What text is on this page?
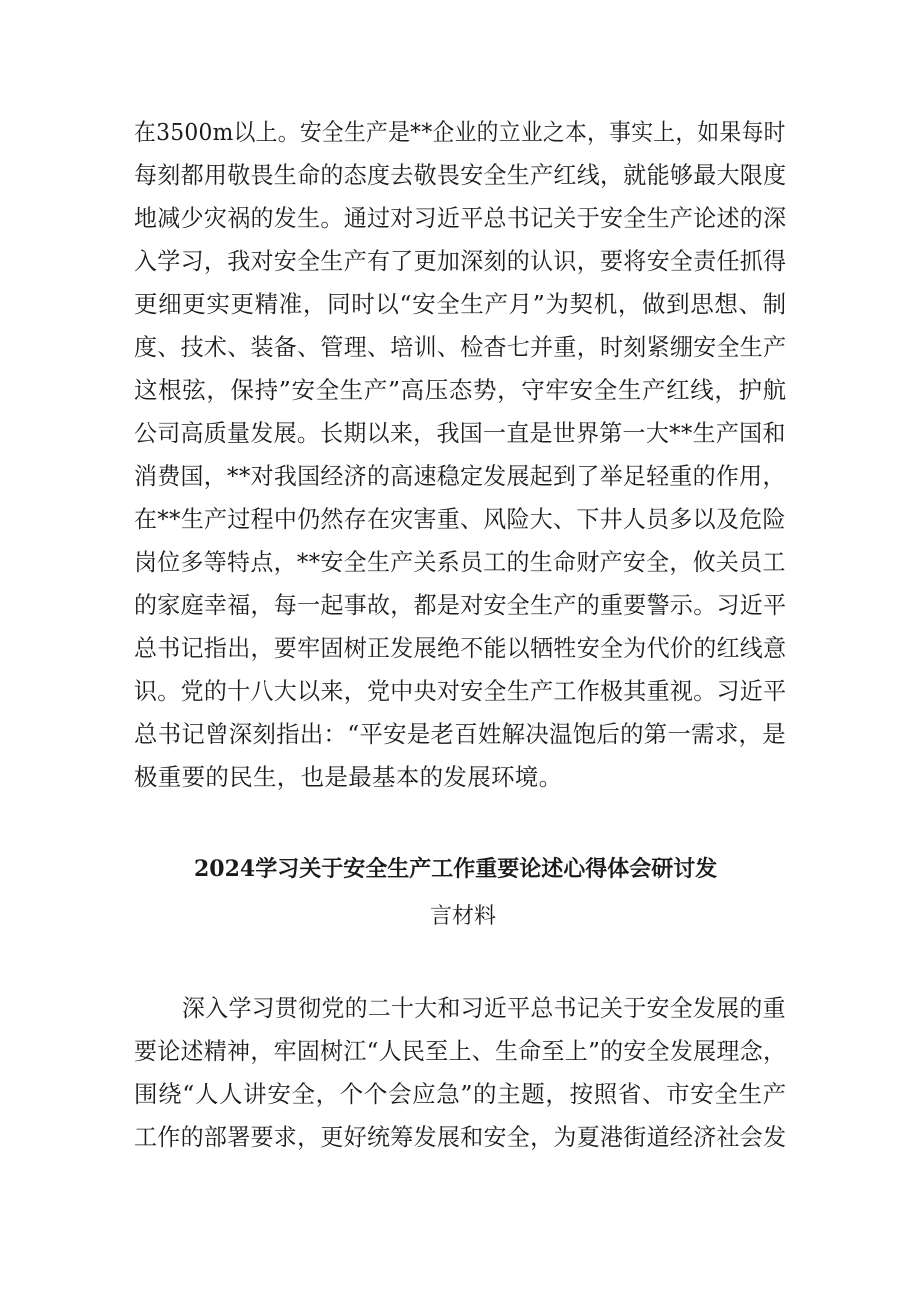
在3500m以上。安全生产是**企业的立业之本，事实上，如果每时
每刻都用敬畏生命的态度去敬畏安全生产红线，就能够最大限度
地减少灾祸的发生。通过对习近平总书记关于安全生产论述的深
入学习，我对安全生产有了更加深刻的认识，要将安全责任抓得
更细更实更精准，同时以“安全生产月”为契机，做到思想、制
度、技术、装备、管理、培训、检杳七并重，时刻紧绷安全生产
这根弦，保持”安全生产”高压态势，守牢安全生产红线，护航
公司高质量发展。长期以来，我国一直是世界第一大**生产国和
消费国，**对我国经济的高速稳定发展起到了举足轻重的作用，
在**生产过程中仍然存在灾害重、风险大、下井人员多以及危险
岗位多等特点，**安全生产关系员工的生命财产安全，攸关员工
的家庭幸福，每一起事故，都是对安全生产的重要警示。习近平
总书记指出，要牢固树正发展绝不能以牺牲安全为代价的红线意
识。党的十八大以来，党中央对安全生产工作极其重视。习近平
总书记曾深刻指出：“平安是老百姓解决温饱后的第一需求，是
极重要的民生，也是最基本的发展环境。
2024学习关于安全生产工作重要论述心得体会研讨发
言材料
深入学习贯彻党的二十大和习近平总书记关于安全发展的重
要论述精神，牢固树江“人民至上、生命至上”的安全发展理念，
围绕“人人讲安全，个个会应急”的主题，按照省、市安全生产
工作的部署要求，更好统筹发展和安全，为夏港街道经济社会发
